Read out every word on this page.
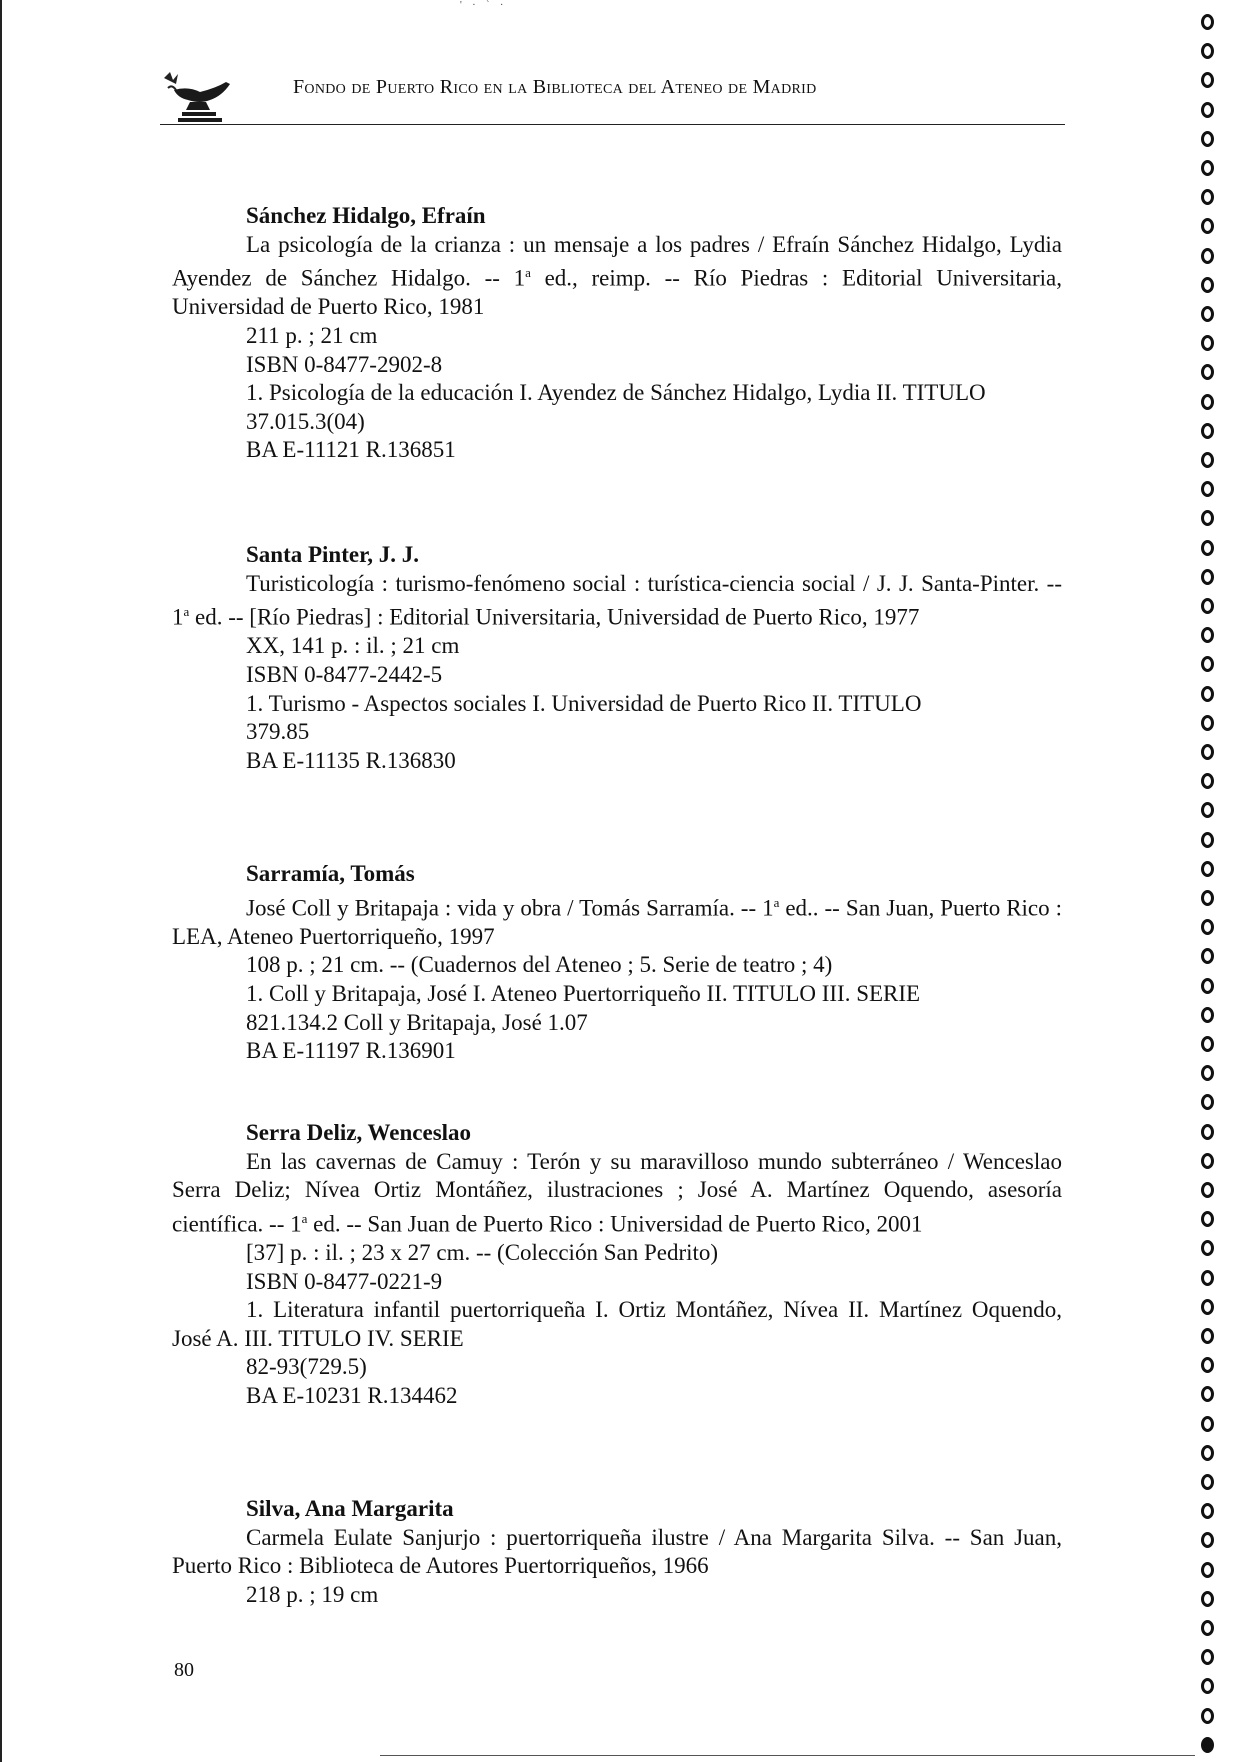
' · ` ·
Fondo de Puerto Rico en la Biblioteca del Ateneo de Madrid
Sánchez Hidalgo, Efraín

La psicología de la crianza : un mensaje a los padres / Efraín Sánchez Hidalgo, Lydia Ayendez de Sánchez Hidalgo. -- 1$^a$ ed., reimp. -- Río Piedras : Editorial Universitaria, Universidad de Puerto Rico, 1981

211 p. ; 21 cm
ISBN 0-8477-2902-8
1. Psicología de la educación I. Ayendez de Sánchez Hidalgo, Lydia II. TITULO
37.015.3(04)
BA E-11121 R.136851
Santa Pinter, J. J.

Turisticología : turismo-fenómeno social : turística-ciencia social / J. J. Santa-Pinter. -- 1$^a$ ed. -- [Río Piedras] : Editorial Universitaria, Universidad de Puerto Rico, 1977

XX, 141 p. : il. ; 21 cm
ISBN 0-8477-2442-5
1. Turismo - Aspectos sociales I. Universidad de Puerto Rico II. TITULO
379.85
BA E-11135 R.136830
Sarramía, Tomás

José Coll y Britapaja : vida y obra / Tomás Sarramía. -- 1$^a$ ed.. -- San Juan, Puerto Rico : LEA, Ateneo Puertorriqueño, 1997

108 p. ; 21 cm. -- (Cuadernos del Ateneo ; 5. Serie de teatro ; 4)
1. Coll y Britapaja, José I. Ateneo Puertorriqueño II. TITULO III. SERIE
821.134.2 Coll y Britapaja, José 1.07
BA E-11197 R.136901
Serra Deliz, Wenceslao

En las cavernas de Camuy : Terón y su maravilloso mundo subterráneo / Wenceslao Serra Deliz; Nívea Ortiz Montáñez, ilustraciones ; José A. Martínez Oquendo, asesoría científica. -- 1$^a$ ed. -- San Juan de Puerto Rico : Universidad de Puerto Rico, 2001

[37] p. : il. ; 23 x 27 cm. -- (Colección San Pedrito)
ISBN 0-8477-0221-9

1. Literatura infantil puertorriqueña I. Ortiz Montáñez, Nívea II. Martínez Oquendo, José A. III. TITULO IV. SERIE

82-93(729.5)
BA E-10231 R.134462
Silva, Ana Margarita

Carmela Eulate Sanjurjo : puertorriqueña ilustre / Ana Margarita Silva. -- San Juan, Puerto Rico : Biblioteca de Autores Puertorriqueños, 1966

218 p. ; 19 cm
80
